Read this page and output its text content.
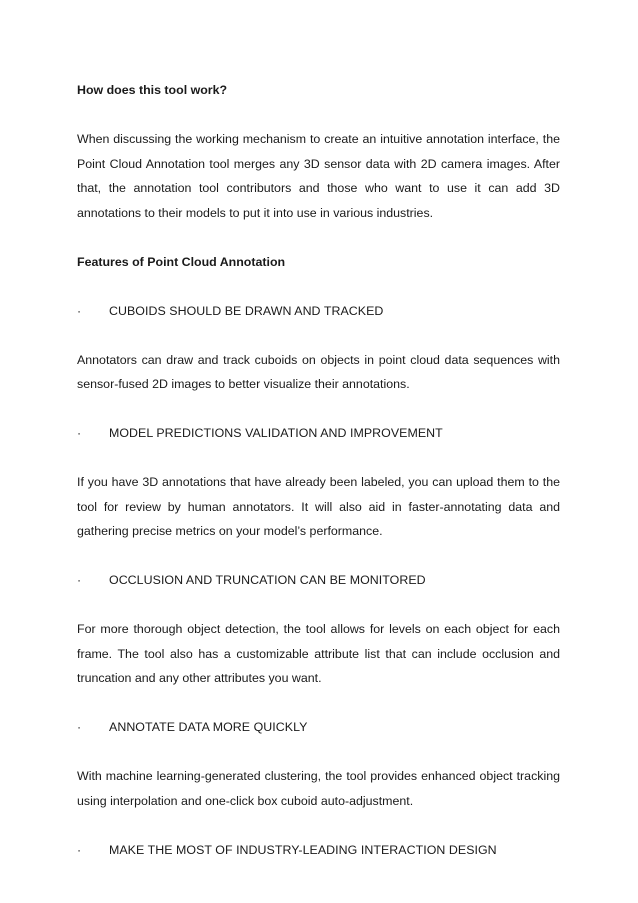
How does this tool work?

When discussing the working mechanism to create an intuitive annotation interface, the Point Cloud Annotation tool merges any 3D sensor data with 2D camera images. After that, the annotation tool contributors and those who want to use it can add 3D annotations to their models to put it into use in various industries.

Features of Point Cloud Annotation

·	CUBOIDS SHOULD BE DRAWN AND TRACKED

Annotators can draw and track cuboids on objects in point cloud data sequences with sensor-fused 2D images to better visualize their annotations.

·	MODEL PREDICTIONS VALIDATION AND IMPROVEMENT

If you have 3D annotations that have already been labeled, you can upload them to the tool for review by human annotators. It will also aid in faster-annotating data and gathering precise metrics on your model’s performance.

·	OCCLUSION AND TRUNCATION CAN BE MONITORED

For more thorough object detection, the tool allows for levels on each object for each frame. The tool also has a customizable attribute list that can include occlusion and truncation and any other attributes you want.

·	ANNOTATE DATA MORE QUICKLY

With machine learning-generated clustering, the tool provides enhanced object tracking using interpolation and one-click box cuboid auto-adjustment.

·	MAKE THE MOST OF INDUSTRY-LEADING INTERACTION DESIGN
